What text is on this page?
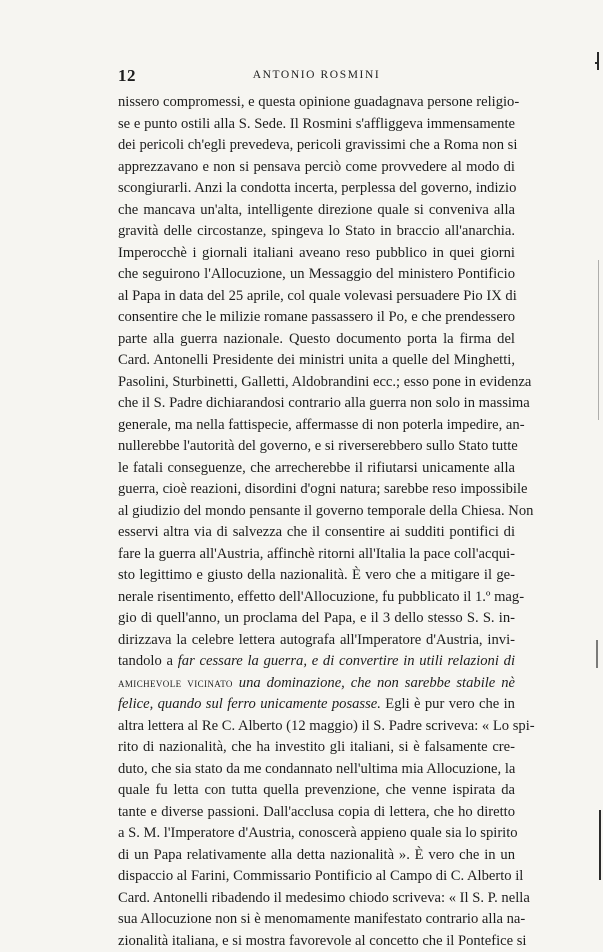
12	ANTONIO ROSMINI
nissero compromessi, e questa opinione guadagnava persone religio-
se e punto ostili alla S. Sede. Il Rosmini s'affliggeva immensamente
dei pericoli ch'egli prevedeva, pericoli gravissimi che a Roma non si
apprezzavano e non si pensava perciò come provvedere al modo di
scongiurarli. Anzi la condotta incerta, perplessa del governo, indizio
che mancava un'alta, intelligente direzione quale si conveniva alla
gravità delle circostanze, spingeva lo Stato in braccio all'anarchia.
Imperocchè i giornali italiani aveano reso pubblico in quei giorni
che seguirono l'Allocuzione, un Messaggio del ministero Pontificio
al Papa in data del 25 aprile, col quale volevasi persuadere Pio IX di
consentire che le milizie romane passassero il Po, e che prendessero
parte alla guerra nazionale. Questo documento porta la firma del
Card. Antonelli Presidente dei ministri unita a quelle del Minghetti,
Pasolini, Sturbinetti, Galletti, Aldobrandini ecc.; esso pone in evidenza
che il S. Padre dichiarandosi contrario alla guerra non solo in massima
generale, ma nella fattispecie, affermasse di non poterla impedire, an-
nullerebbe l'autorità del governo, e si riverserebbero sullo Stato tutte
le fatali conseguenze, che arrecherebbe il rifiutarsi unicamente alla
guerra, cioè reazioni, disordini d'ogni natura; sarebbe reso impossibile
al giudizio del mondo pensante il governo temporale della Chiesa. Non
esservi altra via di salvezza che il consentire ai sudditi pontifici di
fare la guerra all'Austria, affinchè ritorni all'Italia la pace coll'acqui-
sto legittimo e giusto della nazionalità. È vero che a mitigare il ge-
nerale risentimento, effetto dell'Allocuzione, fu pubblicato il 1.º mag-
gio di quell'anno, un proclama del Papa, e il 3 dello stesso S. S. in-
dirizzava la celebre lettera autografa all'Imperatore d'Austria, invi-
tandolo a far cessare la guerra, e di convertire in utili relazioni di
amichevole vicinato una dominazione, che non sarebbe stabile nè
felice, quando sul ferro unicamente posasse. Egli è pur vero che in
altra lettera al Re C. Alberto (12 maggio) il S. Padre scriveva: « Lo spi-
rito di nazionalità, che ha investito gli italiani, si è falsamente cre-
duto, che sia stato da me condannato nell'ultima mia Allocuzione, la
quale fu letta con tutta quella prevenzione, che venne ispirata da
tante e diverse passioni. Dall'acclusa copia di lettera, che ho diretto
a S. M. l'Imperatore d'Austria, conoscerà appieno quale sia lo spirito
di un Papa relativamente alla detta nazionalità ». È vero che in un
dispaccio al Farini, Commissario Pontificio al Campo di C. Alberto il
Card. Antonelli ribadendo il medesimo chiodo scriveva: « Il S. P. nella
sua Allocuzione non si è menomamente manifestato contrario alla na-
zionalità italiana, e si mostra favorevole al concetto che il Pontefice si
